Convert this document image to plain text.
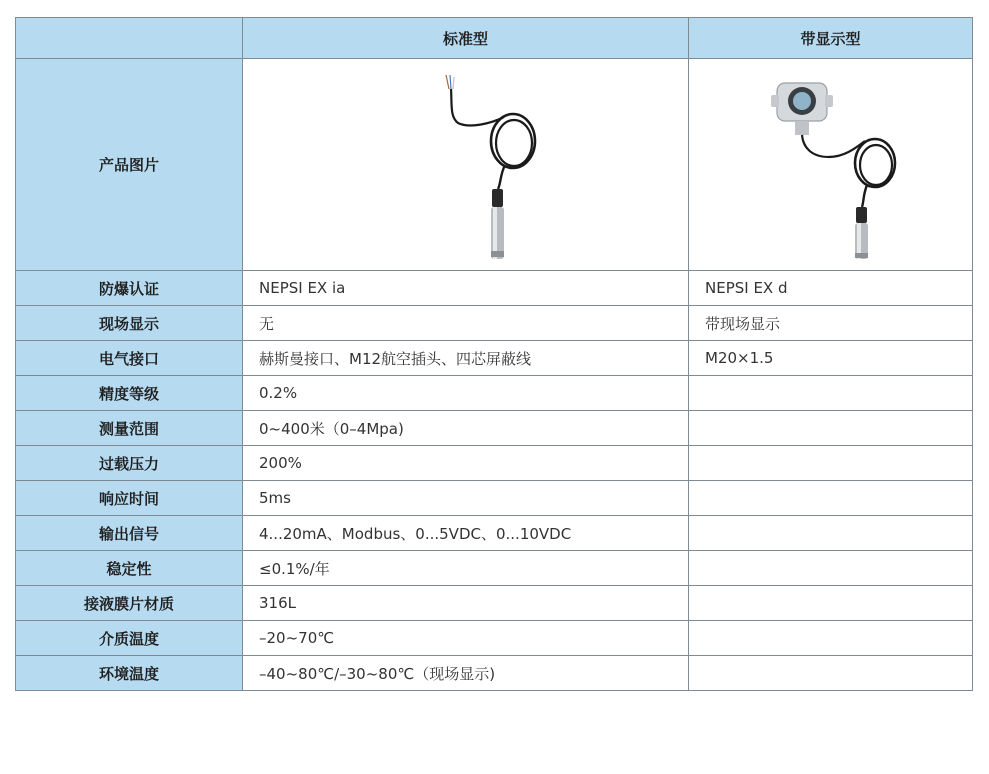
	标准型	带显示型
产品图片	

防爆认证	NEPSI EX ia	NEPSI EX d
现场显示	无	带现场显示
电气接口	赫斯曼接口、M12航空插头、四芯屏蔽线	M20×1.5
精度等级	0.2%	
测量范围	0~400米（0–4Mpa)	
过载压力	200%	
响应时间	5ms	
输出信号	4...20mA、Modbus、0...5VDC、0...10VDC	
稳定性	≤0.1%/年	
接液膜片材质	316L	
介质温度	–20~70℃	
环境温度	–40~80℃/–30~80℃（现场显示)	
